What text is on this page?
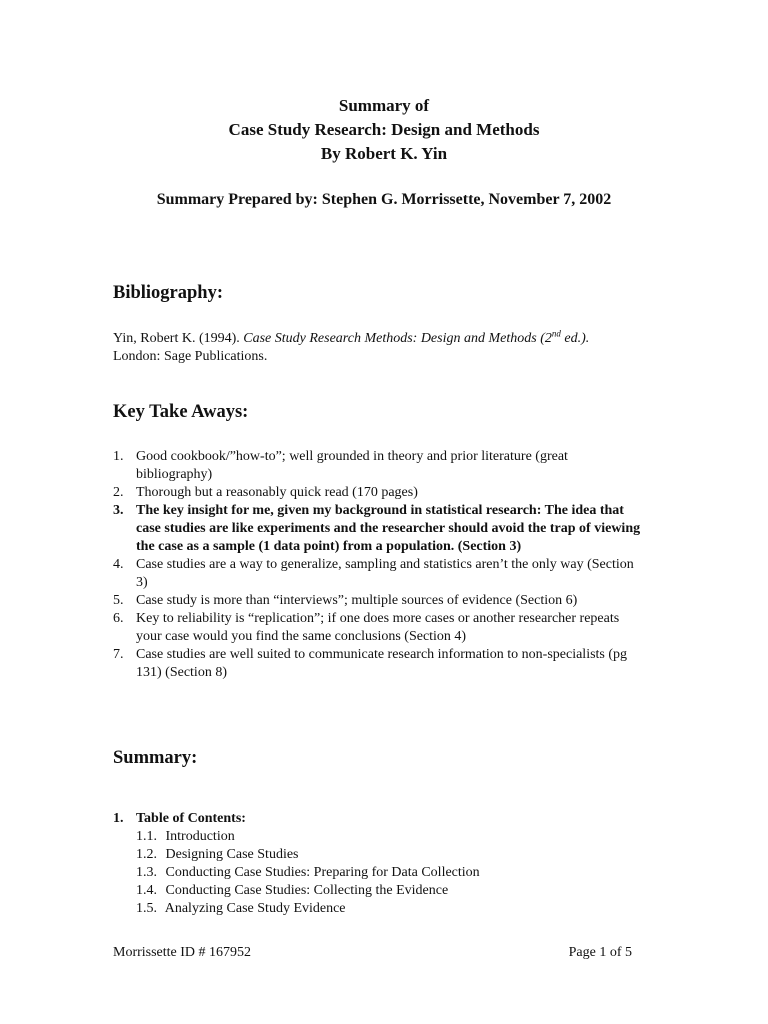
Summary of
Case Study Research: Design and Methods
By Robert K. Yin
Summary Prepared by: Stephen G. Morrissette, November 7, 2002
Bibliography:
Yin, Robert K. (1994). Case Study Research Methods: Design and Methods (2nd ed.).
London: Sage Publications.
Key Take Aways:
1. Good cookbook/”how-to”; well grounded in theory and prior literature (great bibliography)
2. Thorough but a reasonably quick read (170 pages)
3. The key insight for me, given my background in statistical research: The idea that case studies are like experiments and the researcher should avoid the trap of viewing the case as a sample (1 data point) from a population. (Section 3)
4. Case studies are a way to generalize, sampling and statistics aren’t the only way (Section 3)
5. Case study is more than “interviews”; multiple sources of evidence (Section 6)
6. Key to reliability is “replication”; if one does more cases or another researcher repeats your case would you find the same conclusions (Section 4)
7. Case studies are well suited to communicate research information to non-specialists (pg 131) (Section 8)
Summary:
1. Table of Contents:
1.1. Introduction
1.2. Designing Case Studies
1.3. Conducting Case Studies: Preparing for Data Collection
1.4. Conducting Case Studies: Collecting the Evidence
1.5. Analyzing Case Study Evidence
Morrissette ID # 167952	Page 1 of 5
